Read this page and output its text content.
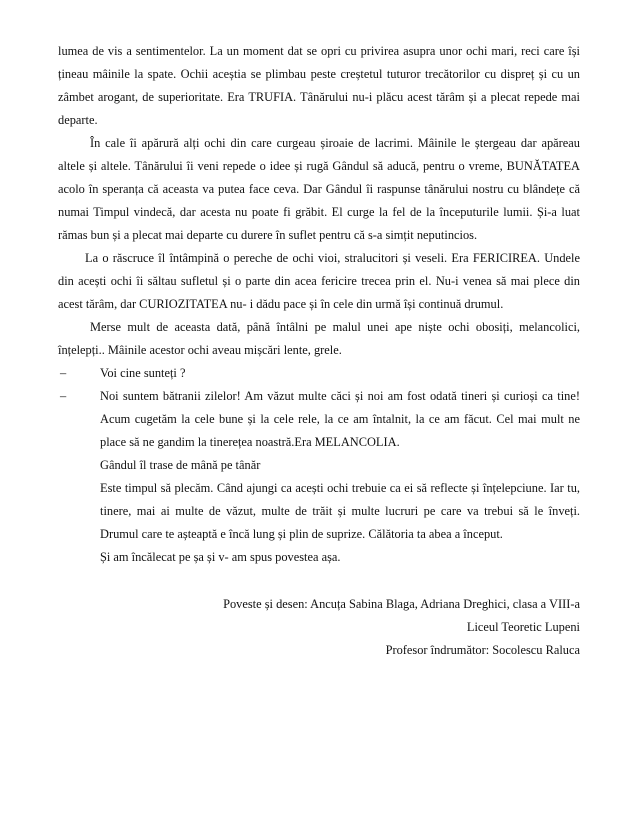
lumea de vis a sentimentelor. La un moment dat se opri cu privirea asupra unor ochi mari, reci care își
țineau mâinile la spate. Ochii aceștia se plimbau peste creștetul tuturor trecătorilor cu dispreț și cu un
zâmbet arogant, de superioritate. Era TRUFIA. Tânărului nu-i plăcu acest tărâm și a plecat repede mai
departe.
În cale îi apărură alți ochi din care curgeau șiroaie de lacrimi. Mâinile le ștergeau dar apăreau
altele și altele. Tânărului îi veni repede o idee și rugă Gândul să aducă, pentru o vreme, BUNĂTATEA
acolo în speranța că aceasta va putea face ceva. Dar Gândul îi raspunse tânărului nostru cu blândețe că
numai Timpul vindecă, dar acesta nu poate fi grăbit. El curge la fel de la începuturile lumii. Și-a luat
rămas bun și a plecat mai departe cu durere în suflet pentru că s-a simțit neputincios.
La o răscruce îl întâmpină o pereche de ochi vioi, stralucitori și veseli. Era FERICIREA. Undele
din acești ochi îi săltau sufletul și o parte din acea fericire trecea prin el. Nu-i venea să mai plece din
acest tărâm, dar CURIOZITATEA nu- i dădu pace și în cele din urmă își continuă drumul.
Merse mult de aceasta dată, până întâlni pe malul unei ape niște ochi obosiți, melancolici,
înțelepți.. Mâinile acestor ochi aveau mișcări lente, grele.
–	Voi cine sunteți ?
–	Noi suntem bătranii zilelor! Am văzut multe căci și noi am fost odată tineri și curioși ca tine!
Acum cugetăm la cele bune și la cele rele, la ce am întalnit, la ce am făcut. Cel mai mult ne
place să ne gandim la tinerețea noastră.Era MELANCOLIA.
Gândul îl trase de mână pe tânăr
Este timpul să plecăm. Când ajungi ca acești ochi trebuie ca ei să reflecte și înțelepciune. Iar tu,
tinere, mai ai multe de văzut, multe de trăit și multe lucruri pe care va trebui să le înveți.
Drumul care te așteaptă e încă lung și plin de suprize. Călătoria ta abea a început.
Și am încălecat pe șa și v- am spus povestea așa.
Poveste și desen: Ancuța Sabina Blaga, Adriana Dreghici, clasa a VIII-a
Liceul Teoretic Lupeni
Profesor îndrumător: Socolescu Raluca
